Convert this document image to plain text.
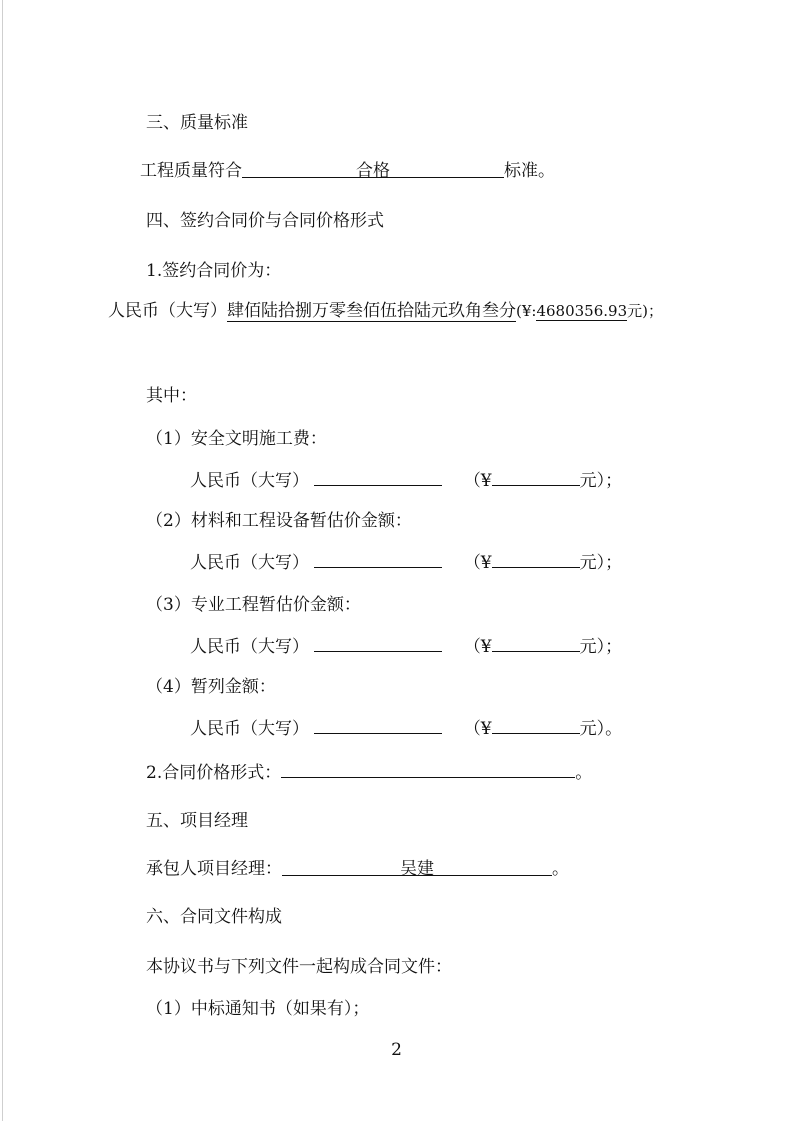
三、质量标准
工程质量符合	合格	标准。
四、签约合同价与合同价格形式
1.签约合同价为：
人民币（大写）肆佰陆拾捌万零叁佰伍拾陆元玖角叁分(¥:4680356.93元)；
其中：
（1）安全文明施工费：
人民币（大写）	（¥	元）；
（2）材料和工程设备暂估价金额：
人民币（大写）	（¥	元）；
（3）专业工程暂估价金额：
人民币（大写）	（¥	元）；
（4）暂列金额：
人民币（大写）	（¥	元）。
2.合同价格形式：	。
五、项目经理
承包人项目经理：	吴建	。
六、合同文件构成
本协议书与下列文件一起构成合同文件：
（1）中标通知书（如果有）；
2
